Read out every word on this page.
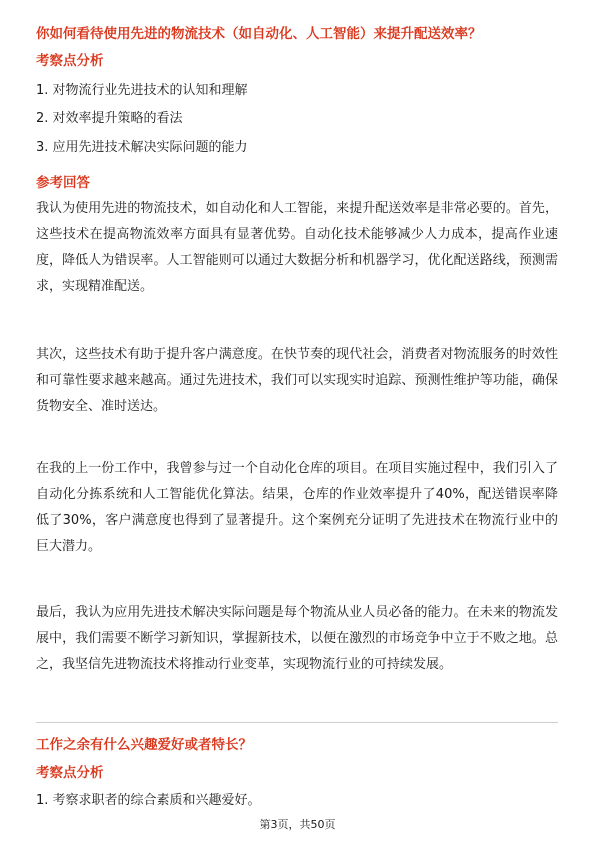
你如何看待使用先进的物流技术（如自动化、人工智能）来提升配送效率？
考察点分析
1. 对物流行业先进技术的认知和理解
2. 对效率提升策略的看法
3. 应用先进技术解决实际问题的能力
参考回答
我认为使用先进的物流技术，如自动化和人工智能，来提升配送效率是非常必要的。首先，这些技术在提高物流效率方面具有显著优势。自动化技术能够减少人力成本，提高作业速度，降低人为错误率。人工智能则可以通过大数据分析和机器学习，优化配送路线，预测需求，实现精准配送。
其次，这些技术有助于提升客户满意度。在快节奏的现代社会，消费者对物流服务的时效性和可靠性要求越来越高。通过先进技术，我们可以实现实时追踪、预测性维护等功能，确保货物安全、准时送达。
在我的上一份工作中，我曾参与过一个自动化仓库的项目。在项目实施过程中，我们引入了自动化分拣系统和人工智能优化算法。结果，仓库的作业效率提升了40%，配送错误率降低了30%，客户满意度也得到了显著提升。这个案例充分证明了先进技术在物流行业中的巨大潜力。
最后，我认为应用先进技术解决实际问题是每个物流从业人员必备的能力。在未来的物流发展中，我们需要不断学习新知识，掌握新技术，以便在激烈的市场竞争中立于不败之地。总之，我坚信先进物流技术将推动行业变革，实现物流行业的可持续发展。
工作之余有什么兴趣爱好或者特长？
考察点分析
1. 考察求职者的综合素质和兴趣爱好。
第3页，共50页
